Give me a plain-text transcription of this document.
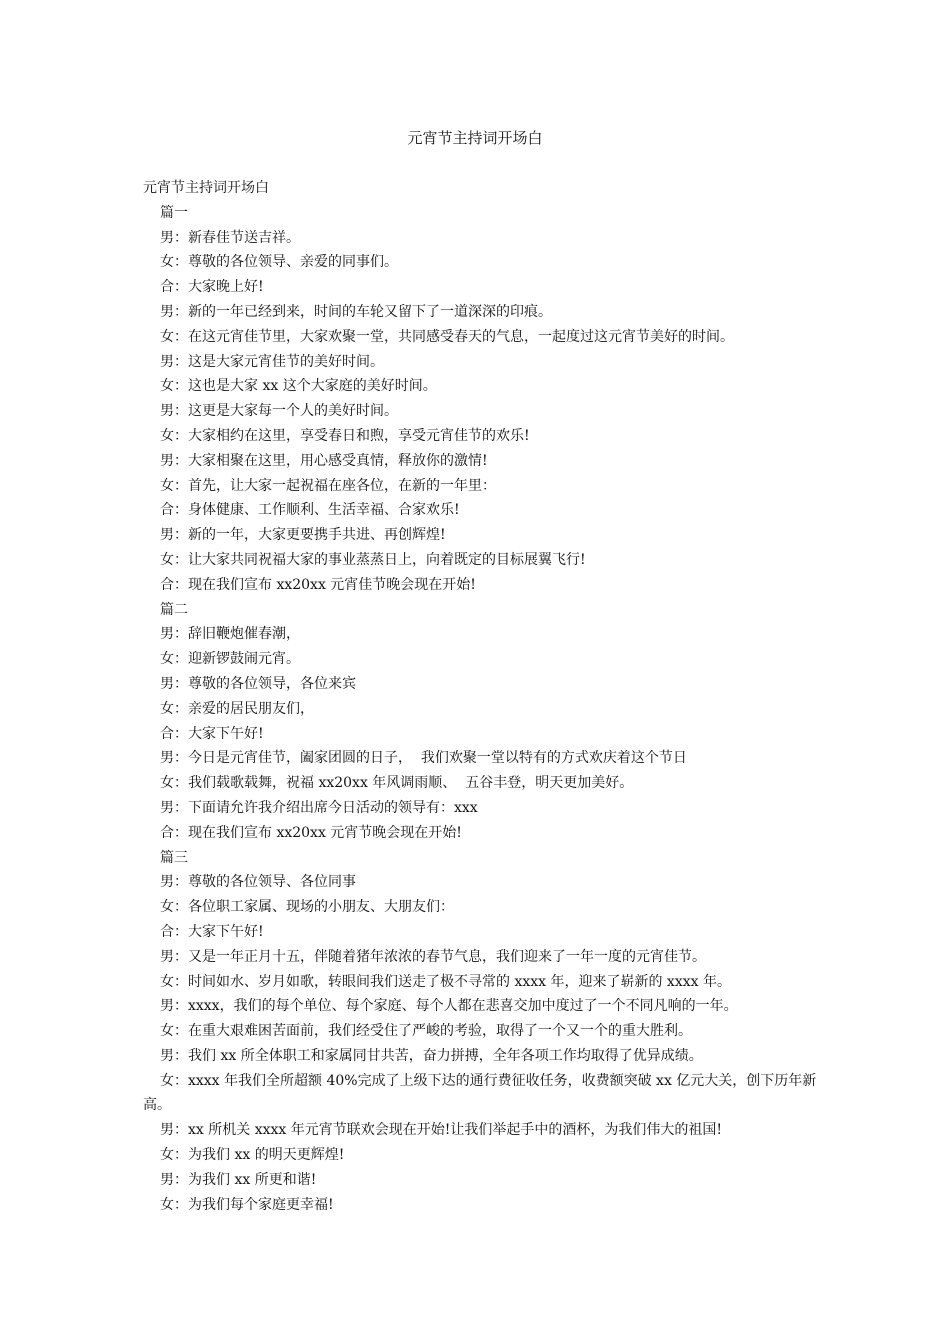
元宵节主持词开场白
元宵节主持词开场白
篇一
男：新春佳节送吉祥。
女：尊敬的各位领导、亲爱的同事们。
合：大家晚上好!
男：新的一年已经到来，时间的车轮又留下了一道深深的印痕。
女：在这元宵佳节里，大家欢聚一堂，共同感受春天的气息，一起度过这元宵节美好的时间。
男：这是大家元宵佳节的美好时间。
女：这也是大家 xx 这个大家庭的美好时间。
男：这更是大家每一个人的美好时间。
女：大家相约在这里，享受春日和煦，享受元宵佳节的欢乐!
男：大家相聚在这里，用心感受真情，释放你的激情!
女：首先，让大家一起祝福在座各位，在新的一年里：
合：身体健康、工作顺利、生活幸福、合家欢乐!
男：新的一年，大家更要携手共进、再创辉煌!
女：让大家共同祝福大家的事业蒸蒸日上，向着既定的目标展翼飞行!
合：现在我们宣布 xx20xx 元宵佳节晚会现在开始!
篇二
男：辞旧鞭炮催春潮，
女：迎新锣鼓闹元宵。
男：尊敬的各位领导，各位来宾
女：亲爱的居民朋友们，
合：大家下午好!
男：今日是元宵佳节，阖家团圆的日子，  我们欢聚一堂以特有的方式欢庆着这个节日
女：我们载歌载舞，祝福 xx20xx 年风调雨顺、  五谷丰登，明天更加美好。
男：下面请允许我介绍出席今日活动的领导有：xxx
合：现在我们宣布 xx20xx 元宵节晚会现在开始!
篇三
男：尊敬的各位领导、各位同事
女：各位职工家属、现场的小朋友、大朋友们：
合：大家下午好!
男：又是一年正月十五，伴随着猪年浓浓的春节气息，我们迎来了一年一度的元宵佳节。
女：时间如水、岁月如歌，转眼间我们送走了极不寻常的 xxxx 年，迎来了崭新的 xxxx 年。
男：xxxx，我们的每个单位、每个家庭、每个人都在悲喜交加中度过了一个不同凡响的一年。
女：在重大艰难困苦面前，我们经受住了严峻的考验，取得了一个又一个的重大胜利。
男：我们 xx 所全体职工和家属同甘共苦，奋力拼搏，全年各项工作均取得了优异成绩。
女：xxxx 年我们全所超额 40%完成了上级下达的通行费征收任务，收费额突破 xx 亿元大关，创下历年新高。
男：xx 所机关 xxxx 年元宵节联欢会现在开始!让我们举起手中的酒杯，为我们伟大的祖国!
女：为我们 xx 的明天更辉煌!
男：为我们 xx 所更和谐!
女：为我们每个家庭更幸福!
